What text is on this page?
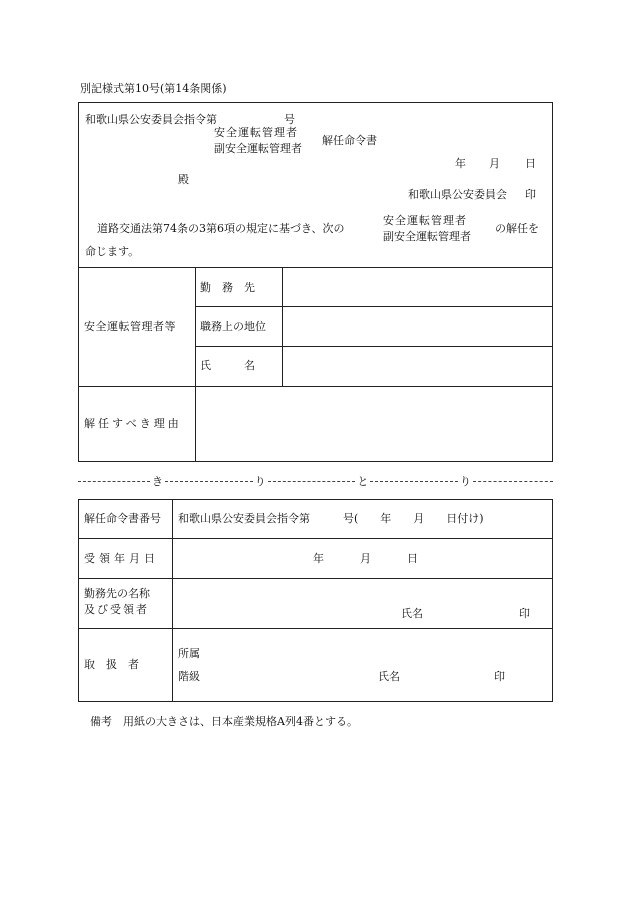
別記様式第10号(第14条関係)
和歌山県公安委員会指令第	号
安全運転管理者
副安全運転管理者
解任命令書
年 月 日
殿
和歌山県公安委員会 印
道路交通法第74条の3第6項の規定に基づき、次の
安全運転管理者
副安全運転管理者
の解任を
命じます。
安全運転管理者等
勤　務　先
職務上の地位
氏　　　名
解任すべき理由
き	り	と	り
解任命令書番号 和歌山県公安委員会指令第　　　号(　　年　　月　　日付け)
受領年月日	年	月	日
勤務先の名称
及び受領者	氏名	印
取　扱　者
所属
階級	氏名	印
備考　用紙の大きさは、日本産業規格A列4番とする。
